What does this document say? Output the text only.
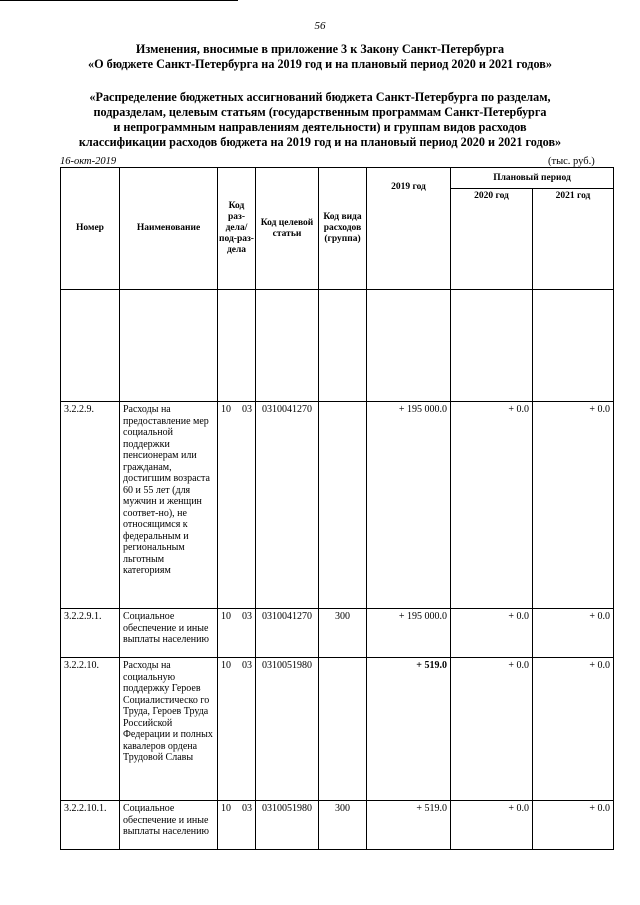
56
Изменения, вносимые в приложение 3 к Закону Санкт-Петербурга
«О бюджете Санкт-Петербурга на 2019 год и на плановый период 2020 и 2021 годов»
«Распределение бюджетных ассигнований бюджета Санкт-Петербурга по разделам,
подразделам, целевым статьям (государственным программам Санкт-Петербурга
и непрограммным направлениям деятельности) и группам видов расходов
классификации расходов бюджета на 2019 год и на плановый период 2020 и 2021 годов»
16-окт-2019	(тыс. руб.)
Номер	Наименование	Код раз-дела/ под-раз-дела	Код целевой статьи	Код вида расходов (группа)	2019 год	Плановый период	
						2020 год	2021 год

3.2.2.9.	Расходы на предоставление мер социальной поддержки пенсионерам или гражданам, достигшим возраста 60 и 55 лет (для мужчин и женщин соответ-но), не относящимся к федеральным и региональным льготным категориям	10 03	0310041270		+ 195 000.0	+ 0.0	+ 0.0
3.2.2.9.1.	Социальное обеспечение и иные выплаты населению	10 03	0310041270	300	+ 195 000.0	+ 0.0	+ 0.0
3.2.2.10.	Расходы на социальную поддержку Героев Социалистическо го Труда, Героев Труда Российской Федерации и полных кавалеров ордена Трудовой Славы	10 03	0310051980		+ 519.0	+ 0.0	+ 0.0
3.2.2.10.1.	Социальное обеспечение и иные выплаты населению	10 03	0310051980	300	+ 519.0	+ 0.0	+ 0.0
